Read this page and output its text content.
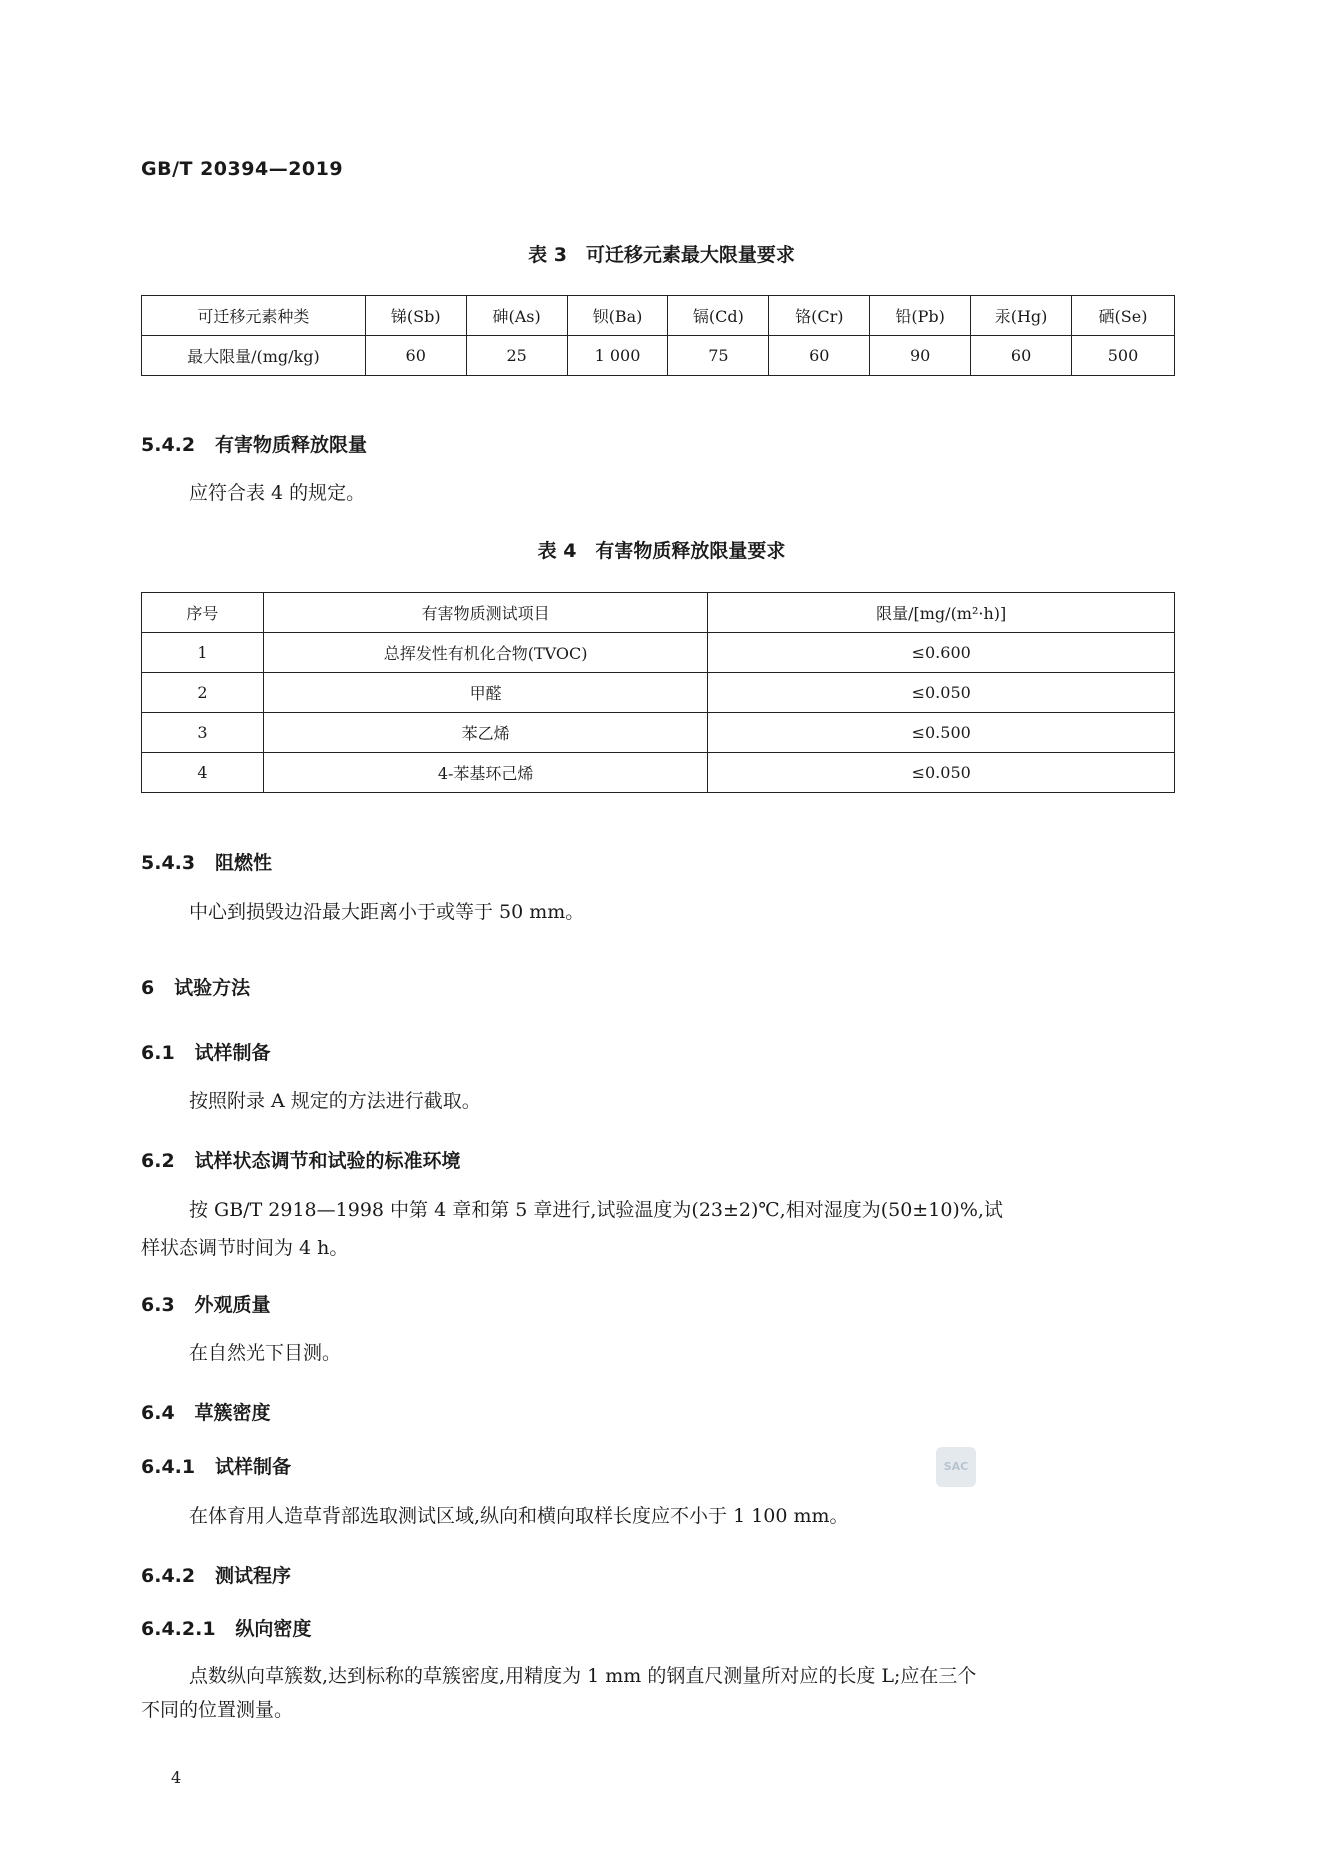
GB/T 20394—2019
表 3　可迁移元素最大限量要求
可迁移元素种类	锑(Sb)	砷(As)	钡(Ba)	镉(Cd)	铬(Cr)	铅(Pb)	汞(Hg)	硒(Se)
最大限量/(mg/kg)	60	25	1 000	75	60	90	60	500
5.4.2 有害物质释放限量
应符合表 4 的规定。
表 4　有害物质释放限量要求
序号	有害物质测试项目	限量/[mg/(m²·h)]
1	总挥发性有机化合物(TVOC)	≤0.600
2	甲醛	≤0.050
3	苯乙烯	≤0.500
4	4-苯基环己烯	≤0.050
5.4.3 阻燃性
中心到损毁边沿最大距离小于或等于 50 mm。
6 试验方法
6.1 试样制备
按照附录 A 规定的方法进行截取。
6.2 试样状态调节和试验的标准环境
按 GB/T 2918—1998 中第 4 章和第 5 章进行,试验温度为(23±2)℃,相对湿度为(50±10)%,试
样状态调节时间为 4 h。
6.3 外观质量
在自然光下目测。
6.4 草簇密度
6.4.1 试样制备	SAC
在体育用人造草背部选取测试区域,纵向和横向取样长度应不小于 1 100 mm。
6.4.2 测试程序
6.4.2.1 纵向密度
点数纵向草簇数,达到标称的草簇密度,用精度为 1 mm 的钢直尺测量所对应的长度 L;应在三个
不同的位置测量。
4
